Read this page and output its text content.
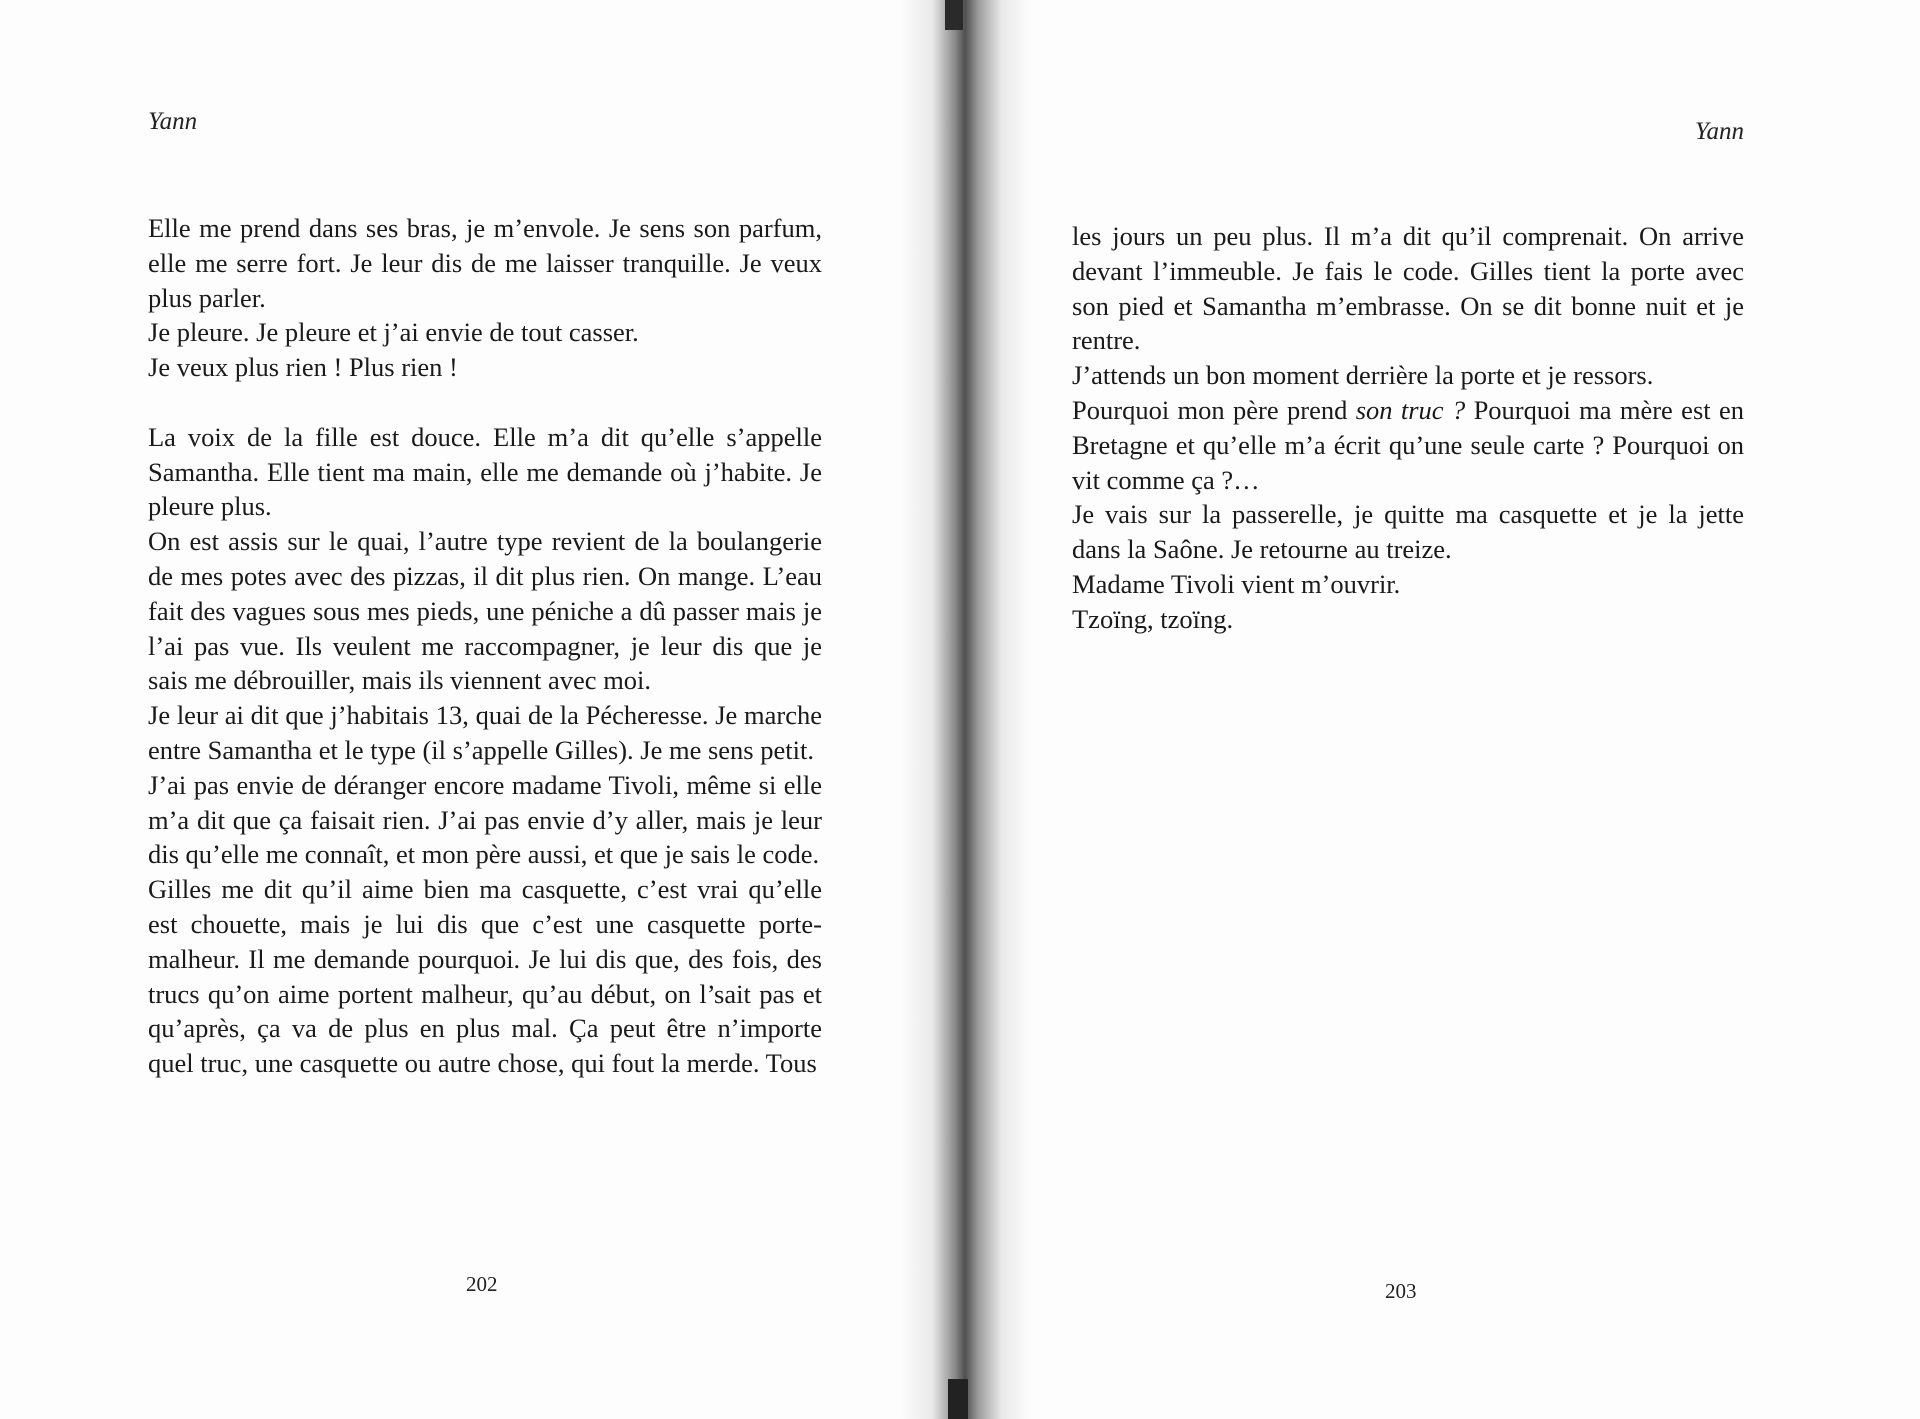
Yann

Elle me prend dans ses bras, je m’envole. Je sens son parfum, elle me serre fort. Je leur dis de me laisser tranquille. Je veux plus parler.

Je pleure. Je pleure et j’ai envie de tout casser.

Je veux plus rien ! Plus rien !

La voix de la fille est douce. Elle m’a dit qu’elle s’appelle Samantha. Elle tient ma main, elle me demande où j’habite. Je pleure plus.

On est assis sur le quai, l’autre type revient de la boulangerie de mes potes avec des pizzas, il dit plus rien. On mange. L’eau fait des vagues sous mes pieds, une péniche a dû passer mais je l’ai pas vue. Ils veulent me raccompagner, je leur dis que je sais me débrouiller, mais ils viennent avec moi.

Je leur ai dit que j’habitais 13, quai de la Pécheresse. Je marche entre Samantha et le type (il s’appelle Gilles). Je me sens petit.

J’ai pas envie de déranger encore madame Tivoli, même si elle m’a dit que ça faisait rien. J’ai pas envie d’y aller, mais je leur dis qu’elle me connaît, et mon père aussi, et que je sais le code.

Gilles me dit qu’il aime bien ma casquette, c’est vrai qu’elle est chouette, mais je lui dis que c’est une casquette porte-malheur. Il me demande pourquoi. Je lui dis que, des fois, des trucs qu’on aime portent malheur, qu’au début, on l’sait pas et qu’après, ça va de plus en plus mal. Ça peut être n’importe quel truc, une casquette ou autre chose, qui fout la merde. Tous

202
Yann

les jours un peu plus. Il m’a dit qu’il comprenait. On arrive devant l’immeuble. Je fais le code. Gilles tient la porte avec son pied et Samantha m’embrasse. On se dit bonne nuit et je rentre.

J’attends un bon moment derrière la porte et je ressors.

Pourquoi mon père prend son truc ? Pourquoi ma mère est en Bretagne et qu’elle m’a écrit qu’une seule carte ? Pourquoi on vit comme ça ?…

Je vais sur la passerelle, je quitte ma casquette et je la jette dans la Saône. Je retourne au treize.

Madame Tivoli vient m’ouvrir.

Tzoïng, tzoïng.

203
